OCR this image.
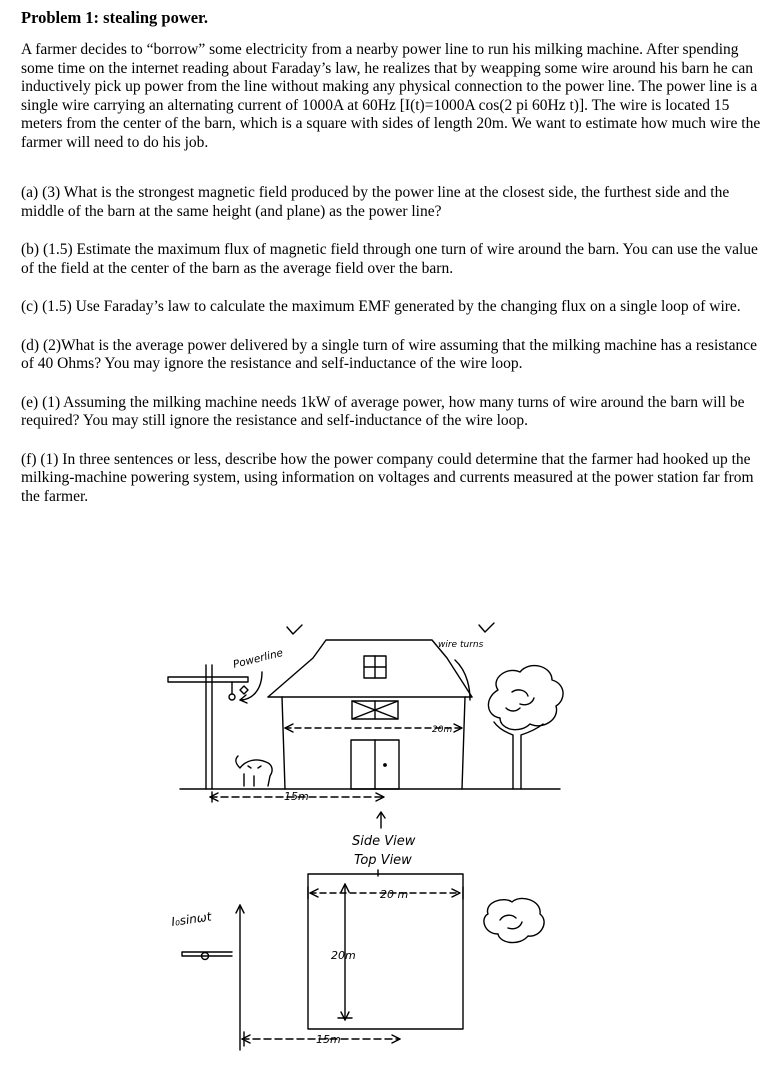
Problem 1: stealing power.

A farmer decides to “borrow” some electricity from a nearby power line to run his milking machine. After spending some time on the internet reading about Faraday’s law, he realizes that by weapping some wire around his barn he can inductively pick up power from the line without making any physical connection to the power line. The power line is a single wire carrying an alternating current of 1000A at 60Hz [I(t)=1000A cos(2 pi 60Hz t)]. The wire is located 15 meters from the center of the barn, which is a square with sides of length 20m. We want to estimate how much wire the farmer will need to do his job.

(a) (3) What is the strongest magnetic field produced by the power line at the closest side, the furthest side and the middle of the barn at the same height (and plane) as the power line?

(b) (1.5) Estimate the maximum flux of magnetic field through one turn of wire around the barn. You can use the value of the field at the center of the barn as the average field over the barn.

(c) (1.5) Use Faraday’s law to calculate the maximum EMF generated by the changing flux on a single loop of wire.

(d) (2)What is the average power delivered by a single turn of wire assuming that the milking machine has a resistance of 40 Ohms? You may ignore the resistance and self-inductance of the wire loop.

(e) (1) Assuming the milking machine needs 1kW of average power, how many turns of wire around the barn will be required? You may still ignore the resistance and self-inductance of the wire loop.

(f) (1) In three sentences or less, describe how the power company could determine that the farmer had hooked up the milking-machine powering system, using information on voltages and currents measured at the power station far from the farmer.

Powerline
wire turns
20m
15m
Side View
Top View
20 m
20m
15m
I₀sinωt
